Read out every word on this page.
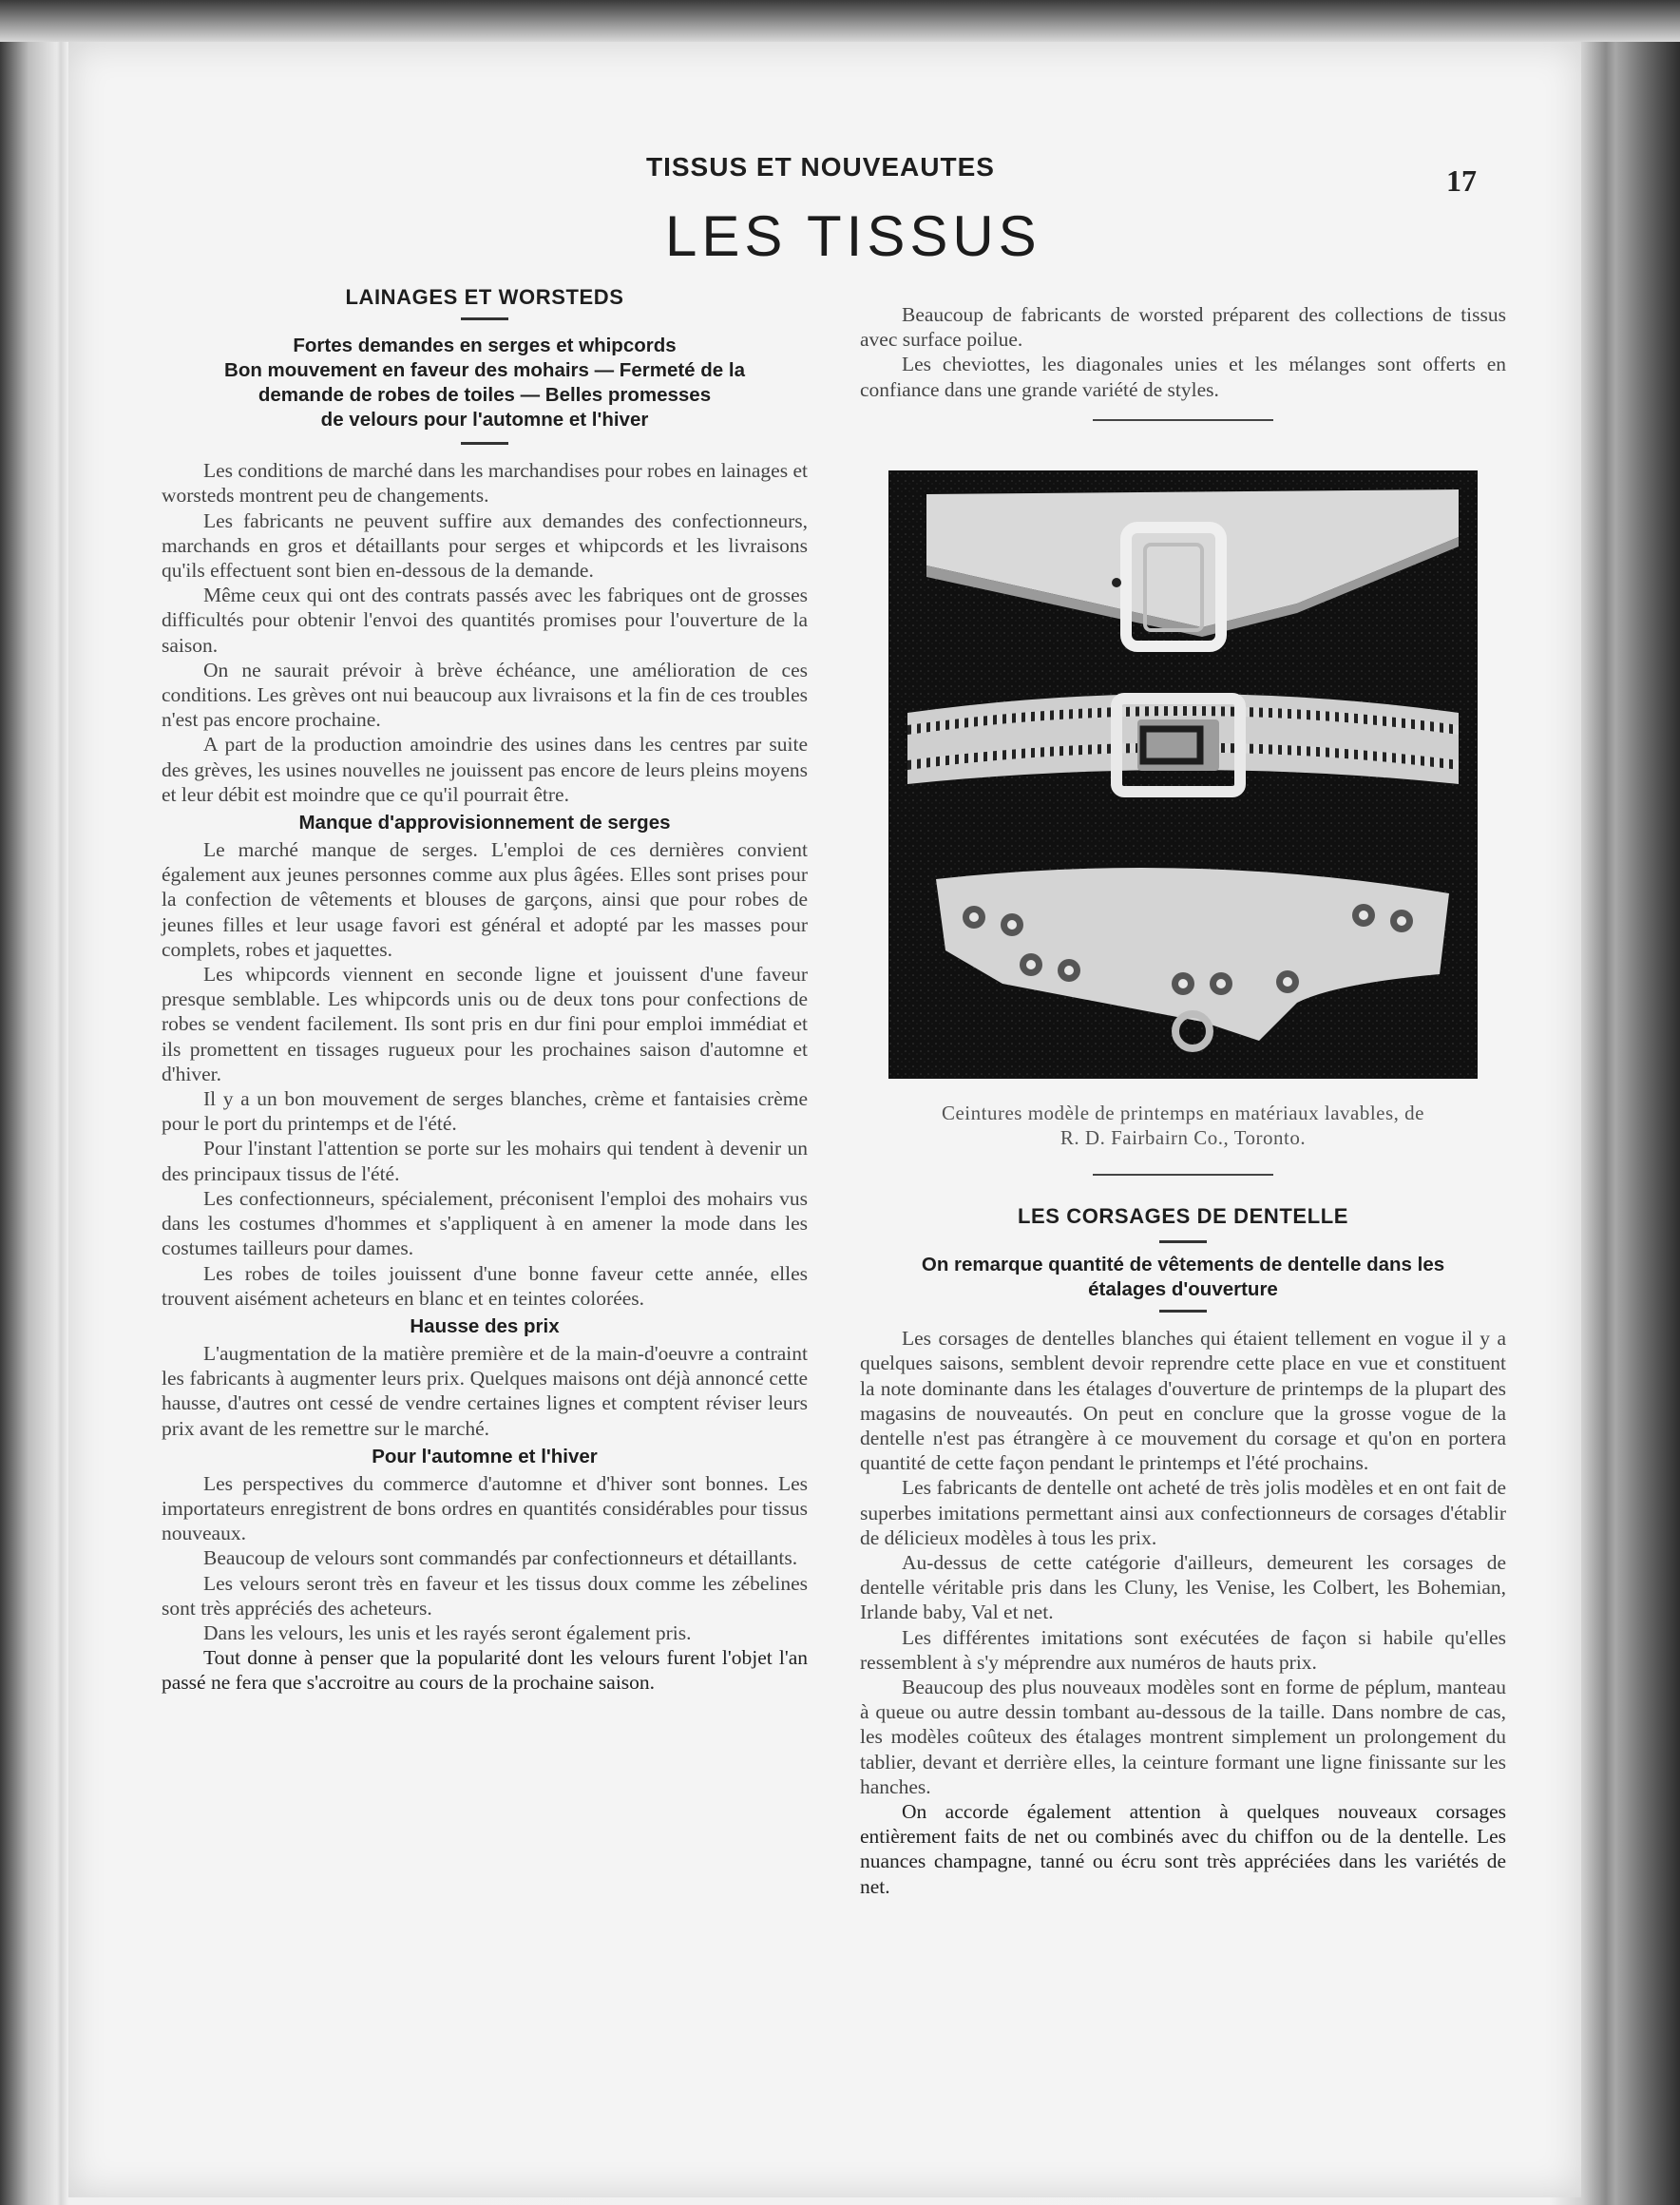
TISSUS ET NOUVEAUTES	17
LES TISSUS
LAINAGES ET WORSTEDS
Fortes demandes en serges et whipcords
Bon mouvement en faveur des mohairs — Fermeté de la
demande de robes de toiles — Belles promesses
de velours pour l'automne et l'hiver

Les conditions de marché dans les marchandises pour robes en lainages et worsteds montrent peu de changements.

Les fabricants ne peuvent suffire aux demandes des confectionneurs, marchands en gros et détaillants pour serges et whipcords et les livraisons qu'ils effectuent sont bien en-dessous de la demande.

Même ceux qui ont des contrats passés avec les fabriques ont de grosses difficultés pour obtenir l'envoi des quantités promises pour l'ouverture de la saison.

On ne saurait prévoir à brève échéance, une amélioration de ces conditions. Les grèves ont nui beaucoup aux livraisons et la fin de ces troubles n'est pas encore prochaine.

A part de la production amoindrie des usines dans les centres par suite des grèves, les usines nouvelles ne jouissent pas encore de leurs pleins moyens et leur débit est moindre que ce qu'il pourrait être.

Manque d'approvisionnement de serges

Le marché manque de serges. L'emploi de ces dernières convient également aux jeunes personnes comme aux plus âgées. Elles sont prises pour la confection de vêtements et blouses de garçons, ainsi que pour robes de jeunes filles et leur usage favori est général et adopté par les masses pour complets, robes et jaquettes.

Les whipcords viennent en seconde ligne et jouissent d'une faveur presque semblable. Les whipcords unis ou de deux tons pour confections de robes se vendent facilement. Ils sont pris en dur fini pour emploi immédiat et ils promettent en tissages rugueux pour les prochaines saison d'automne et d'hiver.

Il y a un bon mouvement de serges blanches, crème et fantaisies crème pour le port du printemps et de l'été.

Pour l'instant l'attention se porte sur les mohairs qui tendent à devenir un des principaux tissus de l'été.

Les confectionneurs, spécialement, préconisent l'emploi des mohairs vus dans les costumes d'hommes et s'appliquent à en amener la mode dans les costumes tailleurs pour dames.

Les robes de toiles jouissent d'une bonne faveur cette année, elles trouvent aisément acheteurs en blanc et en teintes colorées.

Hausse des prix

L'augmentation de la matière première et de la main-d'oeuvre a contraint les fabricants à augmenter leurs prix. Quelques maisons ont déjà annoncé cette hausse, d'autres ont cessé de vendre certaines lignes et comptent réviser leurs prix avant de les remettre sur le marché.

Pour l'automne et l'hiver

Les perspectives du commerce d'automne et d'hiver sont bonnes. Les importateurs enregistrent de bons ordres en quantités considérables pour tissus nouveaux.

Beaucoup de velours sont commandés par confectionneurs et détaillants.

Les velours seront très en faveur et les tissus doux comme les zébelines sont très appréciés des acheteurs.

Dans les velours, les unis et les rayés seront également pris.

Tout donne à penser que la popularité dont les velours furent l'objet l'an passé ne fera que s'accroitre au cours de la prochaine saison.

Beaucoup de fabricants de worsted préparent des collections de tissus avec surface poilue.

Les cheviottes, les diagonales unies et les mélanges sont offerts en confiance dans une grande variété de styles.

Ceintures modèle de printemps en matériaux lavables, de
R. D. Fairbairn Co., Toronto.
LES CORSAGES DE DENTELLE
On remarque quantité de vêtements de dentelle dans les
étalages d'ouverture

Les corsages de dentelles blanches qui étaient tellement en vogue il y a quelques saisons, semblent devoir reprendre cette place en vue et constituent la note dominante dans les étalages d'ouverture de printemps de la plupart des magasins de nouveautés. On peut en conclure que la grosse vogue de la dentelle n'est pas étrangère à ce mouvement du corsage et qu'on en portera quantité de cette façon pendant le printemps et l'été prochains.

Les fabricants de dentelle ont acheté de très jolis modèles et en ont fait de superbes imitations permettant ainsi aux confectionneurs de corsages d'établir de délicieux modèles à tous les prix.

Au-dessus de cette catégorie d'ailleurs, demeurent les corsages de dentelle véritable pris dans les Cluny, les Venise, les Colbert, les Bohemian, Irlande baby, Val et net.

Les différentes imitations sont exécutées de façon si habile qu'elles ressemblent à s'y méprendre aux numéros de hauts prix.

Beaucoup des plus nouveaux modèles sont en forme de péplum, manteau à queue ou autre dessin tombant au-dessous de la taille. Dans nombre de cas, les modèles coûteux des étalages montrent simplement un prolongement du tablier, devant et derrière elles, la ceinture formant une ligne finissante sur les hanches.

On accorde également attention à quelques nouveaux corsages entièrement faits de net ou combinés avec du chiffon ou de la dentelle. Les nuances champagne, tanné ou écru sont très appréciées dans les variétés de net.
